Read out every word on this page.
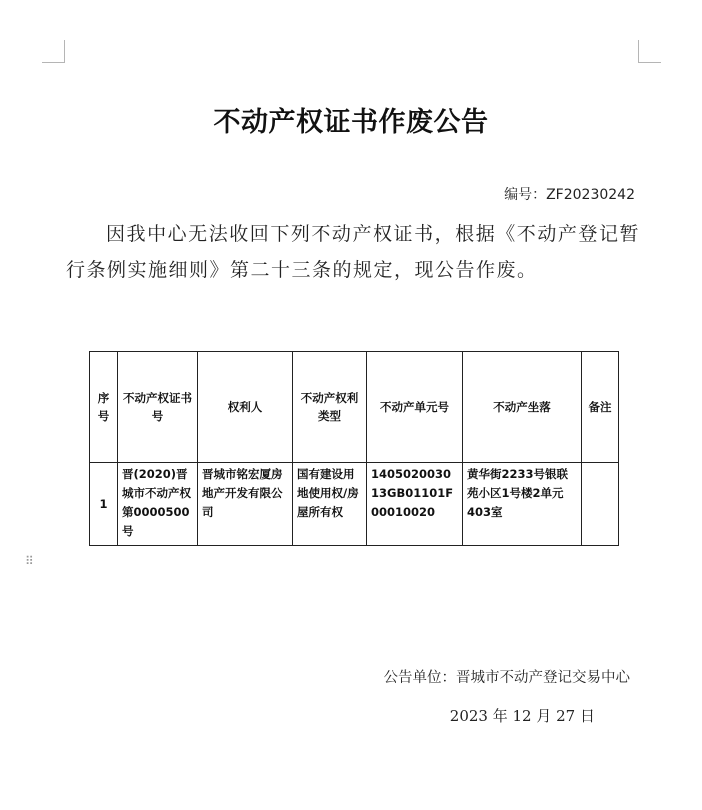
不动产权证书作废公告
编号：ZF20230242
因我中心无法收回下列不动产权证书，根据《不动产登记暂行条例实施细则》第二十三条的规定，现公告作废。
序号	不动产权证书号	权利人	不动产权利类型	不动产单元号	不动产坐落	备注
1	晋(2020)晋城市不动产权第0000500号	晋城市铭宏厦房地产开发有限公司	国有建设用地使用权/房屋所有权	140502003013GB01101F00010020	黄华街2233号银联苑小区1号楼2单元403室	
⠿
公告单位：晋城市不动产登记交易中心
2023 年 12 月 27 日
